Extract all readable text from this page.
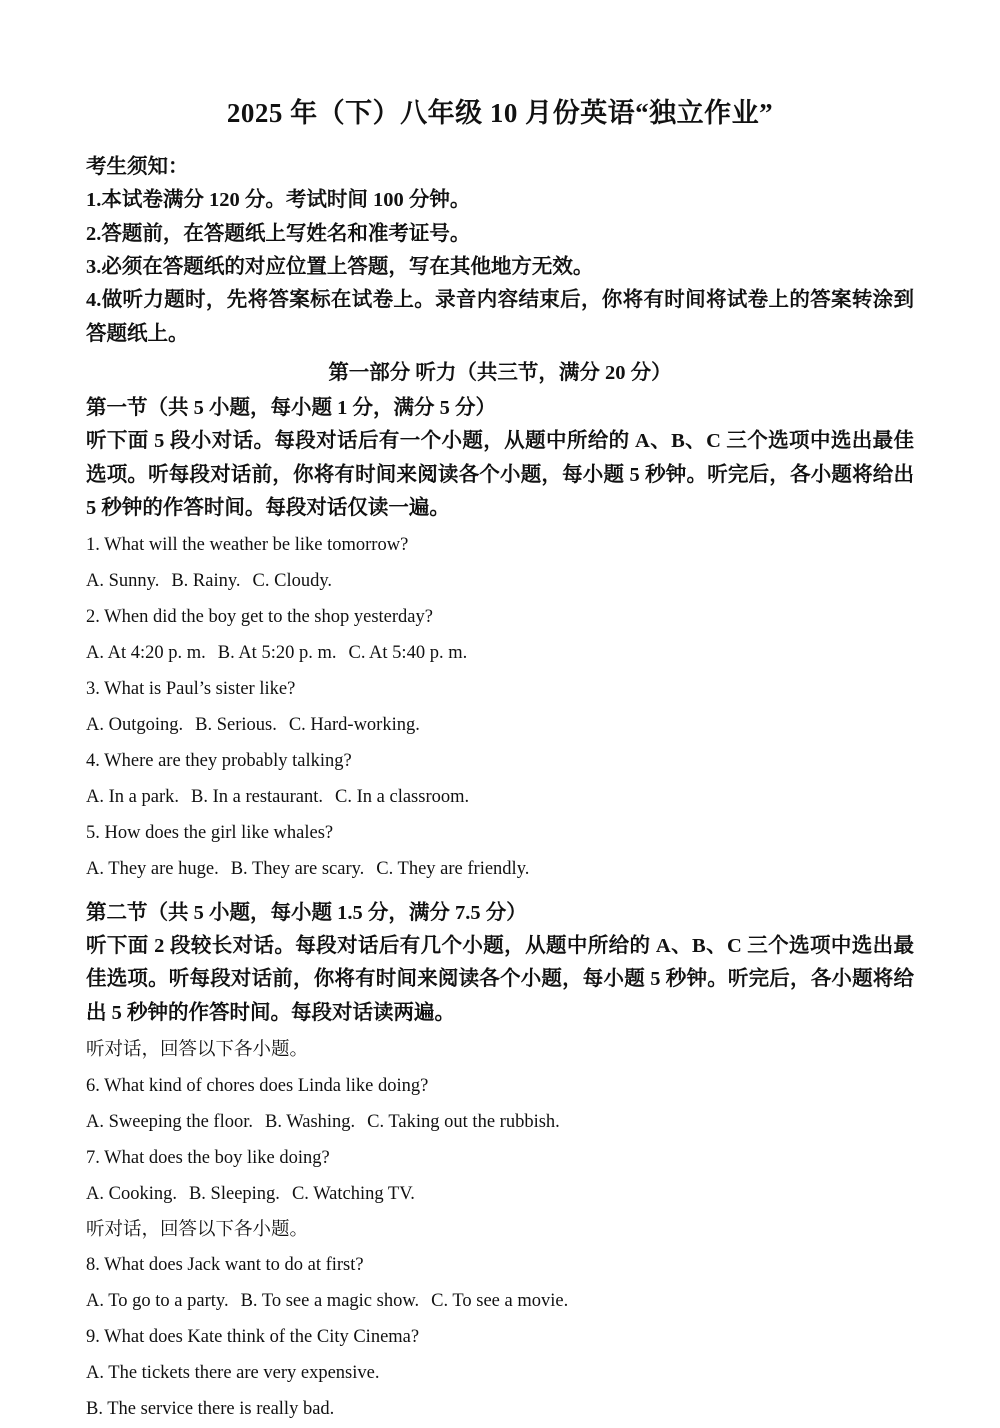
2025 年（下）八年级 10 月份英语“独立作业”

考生须知：

1.本试卷满分 120 分。考试时间 100 分钟。

2.答题前，在答题纸上写姓名和准考证号。

3.必须在答题纸的对应位置上答题，写在其他地方无效。

4.做听力题时，先将答案标在试卷上。录音内容结束后，你将有时间将试卷上的答案转涂到答题纸上。

第一部分 听力（共三节，满分 20 分）

第一节（共 5 小题，每小题 1 分，满分 5 分）

听下面 5 段小对话。每段对话后有一个小题，从题中所给的 A、B、C 三个选项中选出最佳选项。听每段对话前，你将有时间来阅读各个小题，每小题 5 秒钟。听完后，各小题将给出 5 秒钟的作答时间。每段对话仅读一遍。

1. What will the weather be like tomorrow?

A. Sunny. B. Rainy. C. Cloudy.

2. When did the boy get to the shop yesterday?

A. At 4:20 p. m. B. At 5:20 p. m. C. At 5:40 p. m.

3. What is Paul’s sister like?

A. Outgoing. B. Serious. C. Hard-working.

4. Where are they probably talking?

A. In a park. B. In a restaurant. C. In a classroom.

5. How does the girl like whales?

A. They are huge. B. They are scary. C. They are friendly.

第二节（共 5 小题，每小题 1.5 分，满分 7.5 分）

听下面 2 段较长对话。每段对话后有几个小题，从题中所给的 A、B、C 三个选项中选出最佳选项。听每段对话前，你将有时间来阅读各个小题，每小题 5 秒钟。听完后，各小题将给出 5 秒钟的作答时间。每段对话读两遍。

听对话，回答以下各小题。

6. What kind of chores does Linda like doing?

A. Sweeping the floor. B. Washing. C. Taking out the rubbish.

7. What does the boy like doing?

A. Cooking. B. Sleeping. C. Watching TV.

听对话，回答以下各小题。

8. What does Jack want to do at first?

A. To go to a party. B. To see a magic show. C. To see a movie.

9. What does Kate think of the City Cinema?

A. The tickets there are very expensive.

B. The service there is really bad.
